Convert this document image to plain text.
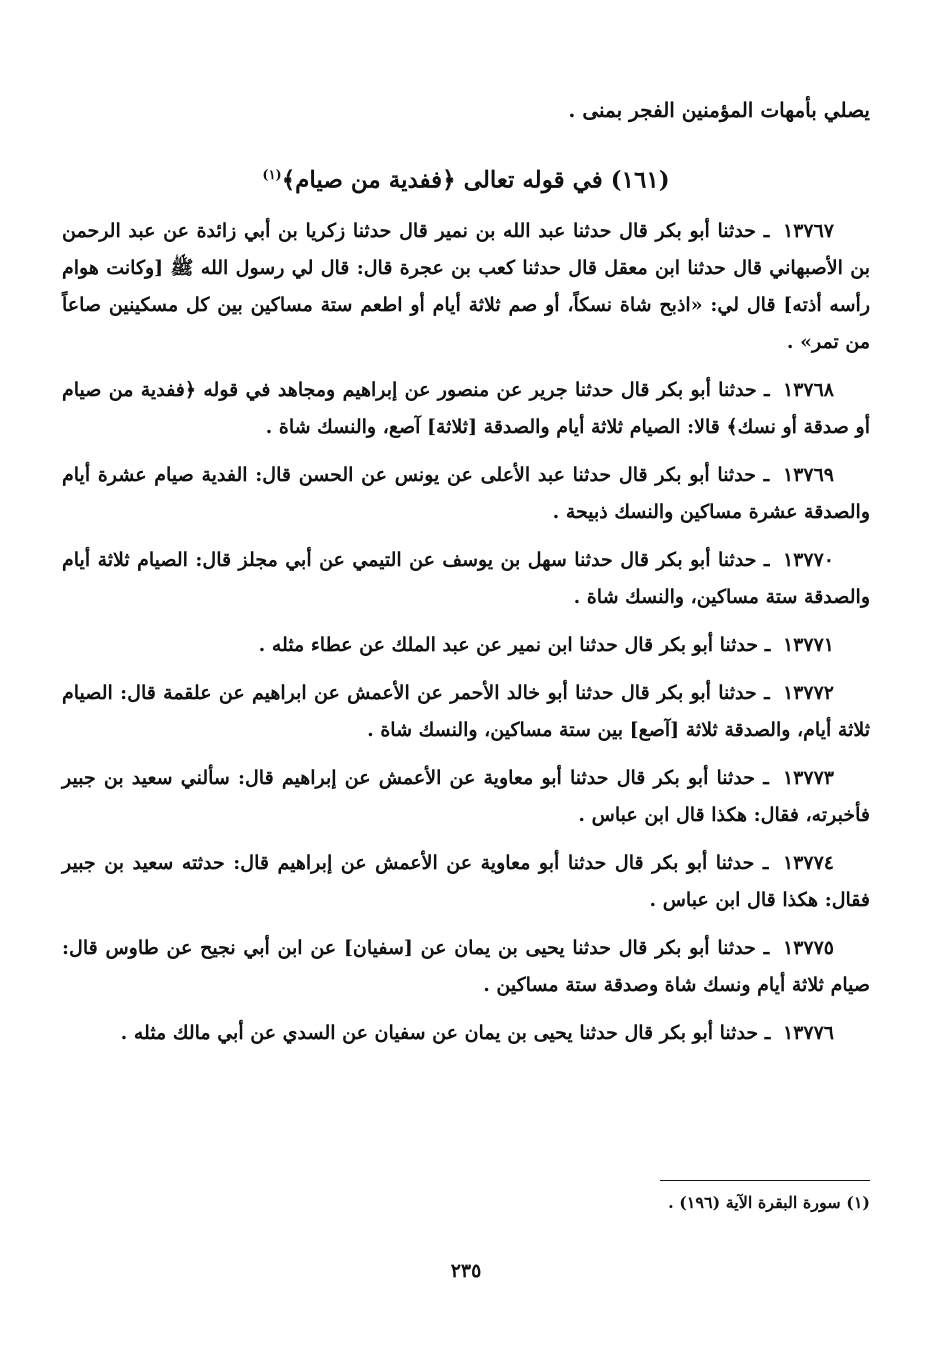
يصلي بأمهات المؤمنين الفجر بمنى .

(١٦١) في قوله تعالى ﴿ففدية من صيام﴾$^{(١)}$

١٣٧٦٧ ـ حدثنا أبو بكر قال حدثنا عبد الله بن نمير قال حدثنا زكريا بن أبي زائدة عن عبد الرحمن بن الأصبهاني قال حدثنا ابن معقل قال حدثنا كعب بن عجرة قال: قال لي رسول الله ﷺ [وكانت هوام رأسه أذته] قال لي: «اذبح شاة نسكاً، أو صم ثلاثة أيام أو اطعم ستة مساكين بين كل مسكينين صاعاً من تمر» .

١٣٧٦٨ ـ حدثنا أبو بكر قال حدثنا جرير عن منصور عن إبراهيم ومجاهد في قوله ﴿ففدية من صيام أو صدقة أو نسك﴾ قالا: الصيام ثلاثة أيام والصدقة [ثلاثة] آصع، والنسك شاة .

١٣٧٦٩ ـ حدثنا أبو بكر قال حدثنا عبد الأعلى عن يونس عن الحسن قال: الفدية صيام عشرة أيام والصدقة عشرة مساكين والنسك ذبيحة .

١٣٧٧٠ ـ حدثنا أبو بكر قال حدثنا سهل بن يوسف عن التيمي عن أبي مجلز قال: الصيام ثلاثة أيام والصدقة ستة مساكين، والنسك شاة .

١٣٧٧١ ـ حدثنا أبو بكر قال حدثنا ابن نمير عن عبد الملك عن عطاء مثله .

١٣٧٧٢ ـ حدثنا أبو بكر قال حدثنا أبو خالد الأحمر عن الأعمش عن ابراهيم عن علقمة قال: الصيام ثلاثة أيام، والصدقة ثلاثة [آصع] بين ستة مساكين، والنسك شاة .

١٣٧٧٣ ـ حدثنا أبو بكر قال حدثنا أبو معاوية عن الأعمش عن إبراهيم قال: سألني سعيد بن جبير فأخبرته، فقال: هكذا قال ابن عباس .

١٣٧٧٤ ـ حدثنا أبو بكر قال حدثنا أبو معاوية عن الأعمش عن إبراهيم قال: حدثته سعيد بن جبير فقال: هكذا قال ابن عباس .

١٣٧٧٥ ـ حدثنا أبو بكر قال حدثنا يحيى بن يمان عن [سفيان] عن ابن أبي نجيح عن طاوس قال: صيام ثلاثة أيام ونسك شاة وصدقة ستة مساكين .

١٣٧٧٦ ـ حدثنا أبو بكر قال حدثنا يحيى بن يمان عن سفيان عن السدي عن أبي مالك مثله .

(١) سورة البقرة الآية (١٩٦) .
٢٣٥
